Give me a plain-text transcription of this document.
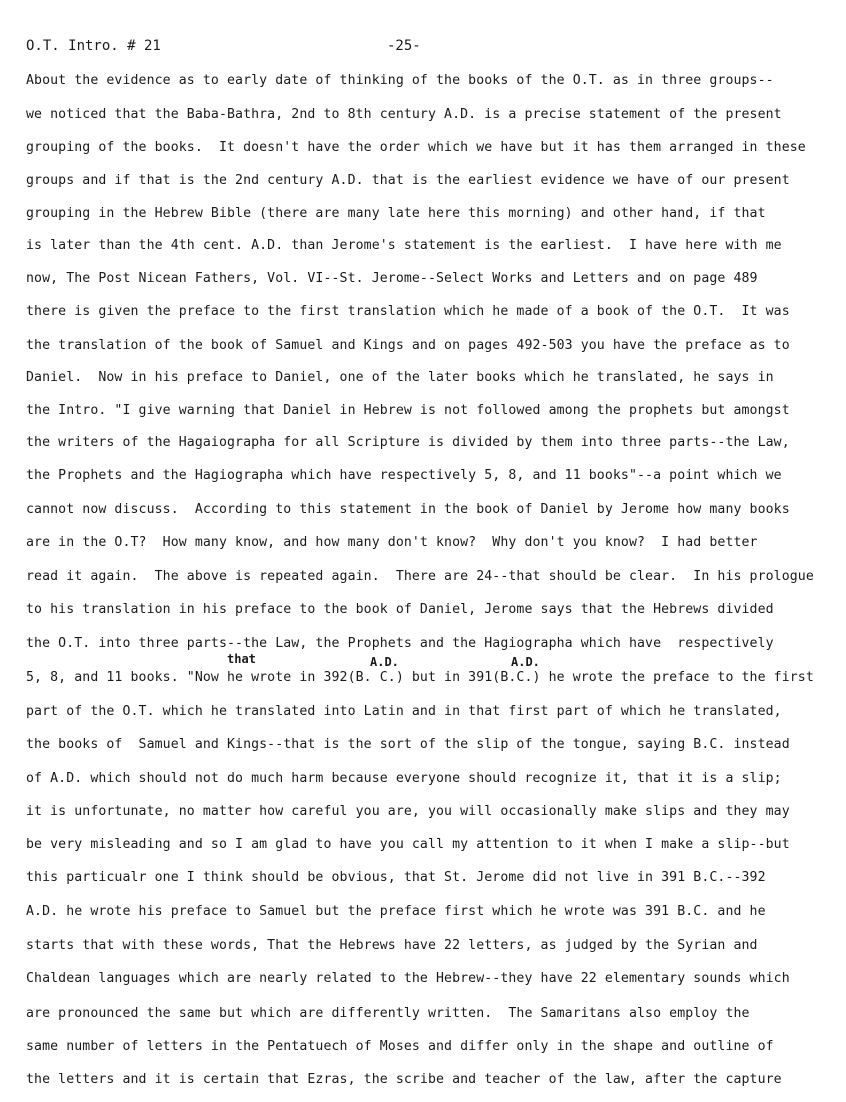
O.T. Intro. # 21	-25-
About the evidence as to early date of thinking of the books of the O.T. as in three groups--
we noticed that the Baba-Bathra, 2nd to 8th century A.D. is a precise statement of the present
grouping of the books.  It doesn't have the order which we have but it has them arranged in these
groups and if that is the 2nd century A.D. that is the earliest evidence we have of our present
grouping in the Hebrew Bible (there are many late here this morning) and other hand, if that
is later than the 4th cent. A.D. than Jerome's statement is the earliest.  I have here with me
now, The Post Nicean Fathers, Vol. VI--St. Jerome--Select Works and Letters and on page 489
there is given the preface to the first translation which he made of a book of the O.T.  It was
the translation of the book of Samuel and Kings and on pages 492-503 you have the preface as to
Daniel.  Now in his preface to Daniel, one of the later books which he translated, he says in
the Intro. "I give warning that Daniel in Hebrew is not followed among the prophets but amongst
the writers of the Hagaiographa for all Scripture is divided by them into three parts--the Law,
the Prophets and the Hagiographa which have respectively 5, 8, and 11 books"--a point which we
cannot now discuss.  According to this statement in the book of Daniel by Jerome how many books
are in the O.T?  How many know, and how many don't know?  Why don't you know?  I had better
read it again.  The above is repeated again.  There are 24--that should be clear.  In his prologue
to his translation in his preface to the book of Daniel, Jerome says that the Hebrews divided
the O.T. into three parts--the Law, the Prophets and the Hagiographa which have  respectively
that	A.D.	A.D.
5, 8, and 11 books. "Now he wrote in 392(B. C.) but in 391(B.C.) he wrote the preface to the first
part of the O.T. which he translated into Latin and in that first part of which he translated,
the books of  Samuel and Kings--that is the sort of the slip of the tongue, saying B.C. instead
of A.D. which should not do much harm because everyone should recognize it, that it is a slip;
it is unfortunate, no matter how careful you are, you will occasionally make slips and they may
be very misleading and so I am glad to have you call my attention to it when I make a slip--but
this particualr one I think should be obvious, that St. Jerome did not live in 391 B.C.--392
A.D. he wrote his preface to Samuel but the preface first which he wrote was 391 B.C. and he
starts that with these words, That the Hebrews have 22 letters, as judged by the Syrian and
Chaldean languages which are nearly related to the Hebrew--they have 22 elementary sounds which
are pronounced the same but which are differently written.  The Samaritans also employ the
same number of letters in the Pentatuech of Moses and differ only in the shape and outline of
the letters and it is certain that Ezras, the scribe and teacher of the law, after the capture
